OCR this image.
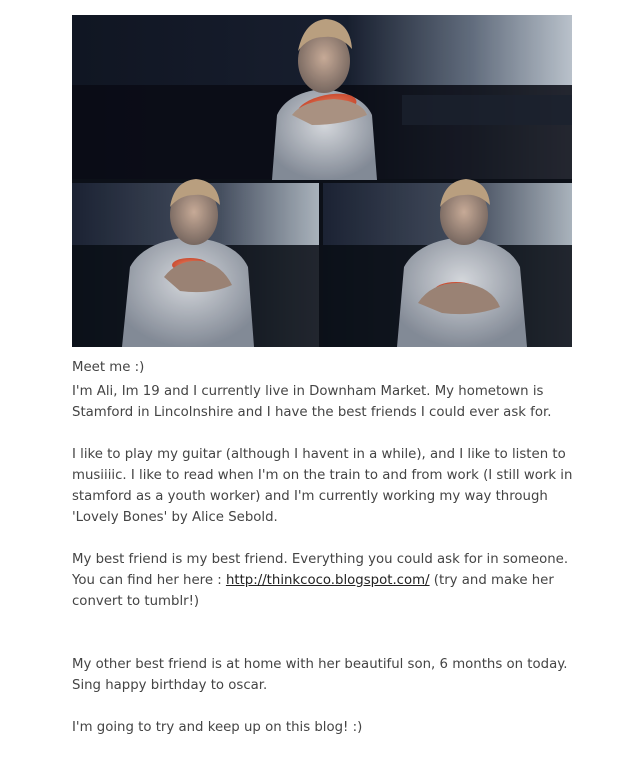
Meet me :)

I'm Ali, Im 19 and I currently live in Downham Market. My hometown is Stamford in Lincolnshire and I have the best friends I could ever ask for.

I like to play my guitar (although I havent in a while), and I like to listen to musiiiic. I like to read when I'm on the train to and from work (I still work in stamford as a youth worker) and I'm currently working my way through 'Lovely Bones' by Alice Sebold.

My best friend is my best friend. Everything you could ask for in someone. You can find her here : http://thinkcoco.blogspot.com/ (try and make her convert to tumblr!)

My other best friend is at home with her beautiful son, 6 months on today. Sing happy birthday to oscar.

I'm going to try and keep up on this blog! :)
